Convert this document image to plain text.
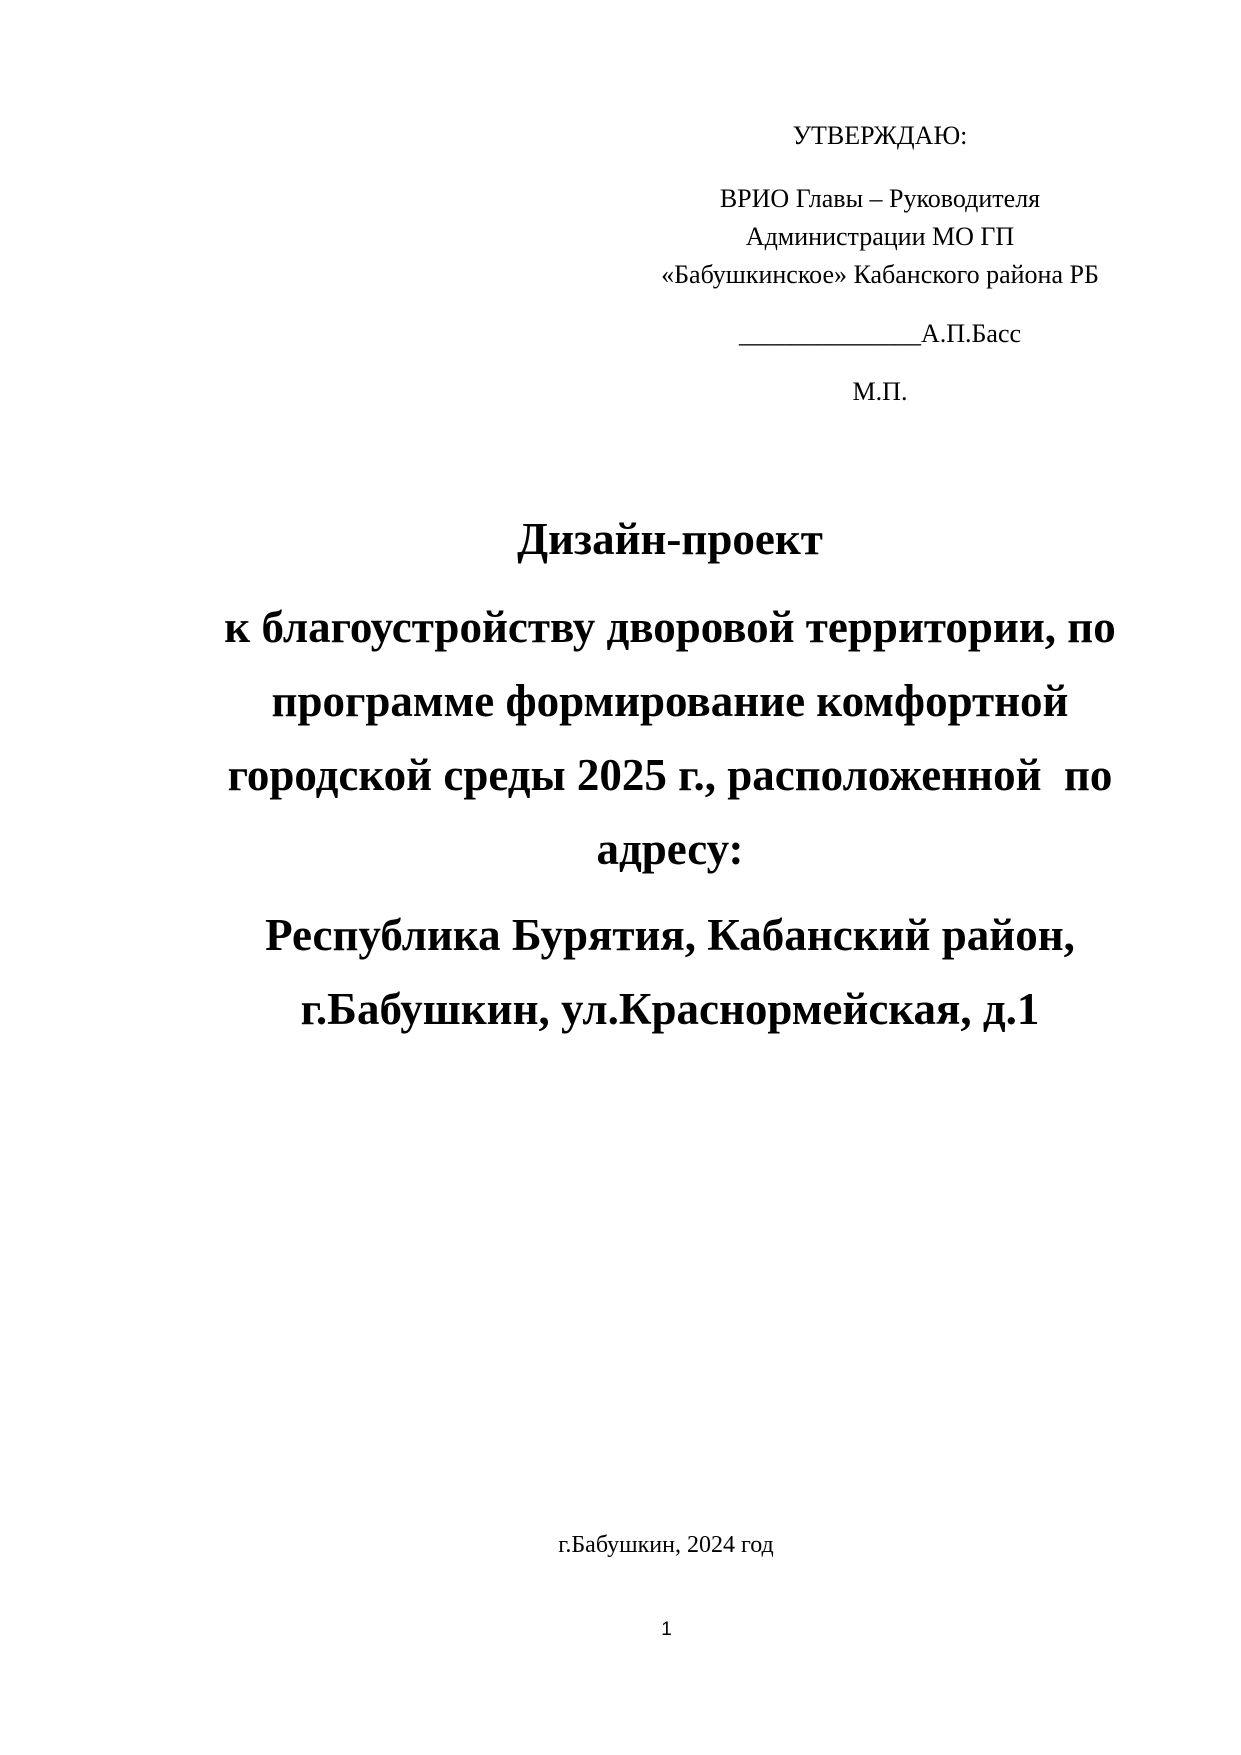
УТВЕРЖДАЮ:
ВРИО Главы – Руководителя
Администрации МО ГП
«Бабушкинское» Кабанского района РБ
______________А.П.Басс
М.П.
Дизайн-проект
к благоустройству дворовой территории, по
программе формирование комфортной
городской среды 2025 г., расположенной  по
адресу:
Республика Бурятия, Кабанский район,
г.Бабушкин, ул.Краснормейская, д.1
г.Бабушкин, 2024 год
1
